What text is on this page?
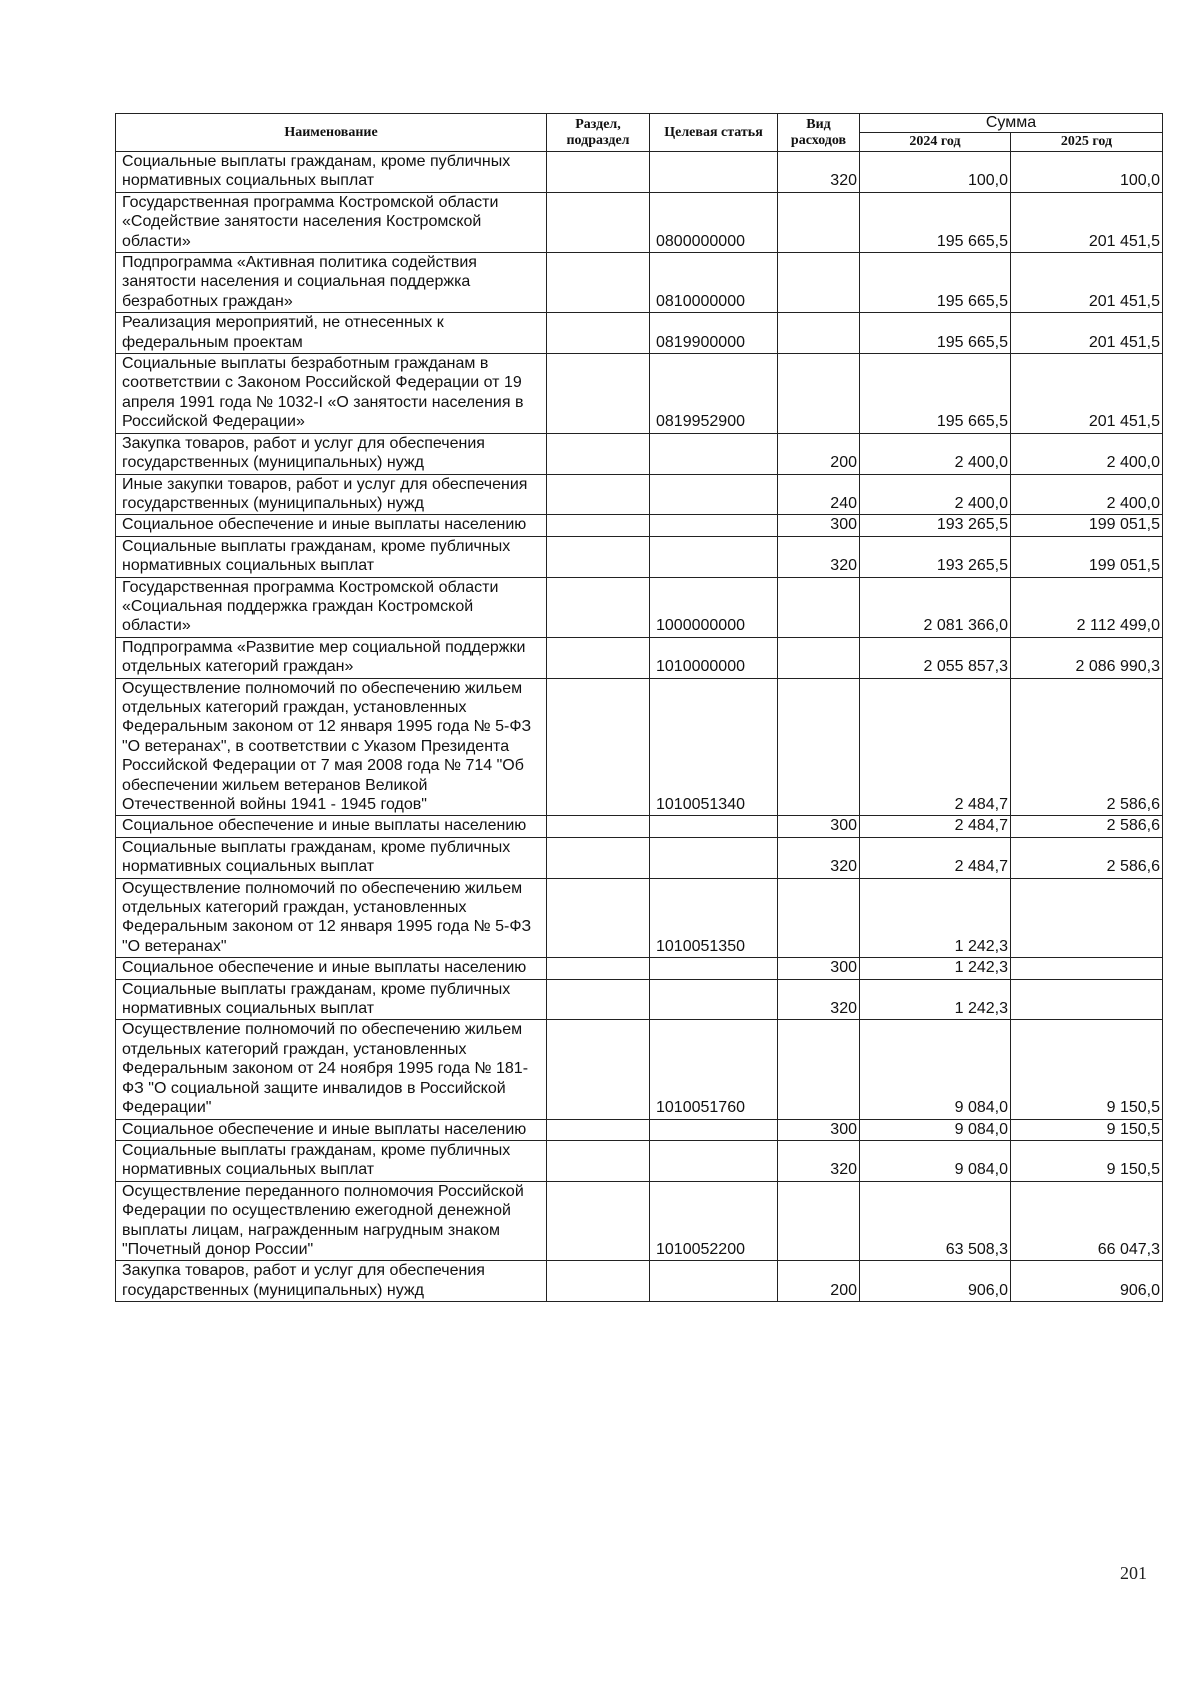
Наименование	Раздел, подраздел	Целевая статья	Вид расходов	Сумма	
				2024 год	2025 год
Социальные выплаты гражданам, кроме публичных нормативных социальных выплат			320	100,0	100,0
Государственная программа Костромской области «Содействие занятости населения Костромской области»		0800000000		195 665,5	201 451,5
Подпрограмма «Активная политика содействия занятости населения и социальная поддержка безработных граждан»		0810000000		195 665,5	201 451,5
Реализация мероприятий, не отнесенных к федеральным проектам		0819900000		195 665,5	201 451,5
Социальные выплаты безработным гражданам в соответствии с Законом Российской Федерации от 19 апреля 1991 года № 1032-I «О занятости населения в Российской Федерации»		0819952900		195 665,5	201 451,5
Закупка товаров, работ и услуг для обеспечения государственных (муниципальных) нужд			200	2 400,0	2 400,0
Иные закупки товаров, работ и услуг для обеспечения государственных (муниципальных) нужд			240	2 400,0	2 400,0
Социальное обеспечение и иные выплаты населению			300	193 265,5	199 051,5
Социальные выплаты гражданам, кроме публичных нормативных социальных выплат			320	193 265,5	199 051,5
Государственная программа Костромской области «Социальная поддержка граждан Костромской области»		1000000000		2 081 366,0	2 112 499,0
Подпрограмма «Развитие мер социальной поддержки отдельных категорий граждан»		1010000000		2 055 857,3	2 086 990,3
Осуществление полномочий по обеспечению жильем отдельных категорий граждан, установленных Федеральным законом от 12 января 1995 года № 5-ФЗ "О ветеранах", в соответствии с Указом Президента Российской Федерации от 7 мая 2008 года № 714 "Об обеспечении жильем ветеранов Великой Отечественной войны 1941 - 1945 годов"		1010051340		2 484,7	2 586,6
Социальное обеспечение и иные выплаты населению			300	2 484,7	2 586,6
Социальные выплаты гражданам, кроме публичных нормативных социальных выплат			320	2 484,7	2 586,6
Осуществление полномочий по обеспечению жильем отдельных категорий граждан, установленных Федеральным законом от 12 января 1995 года № 5-ФЗ "О ветеранах"		1010051350		1 242,3	
Социальное обеспечение и иные выплаты населению			300	1 242,3	
Социальные выплаты гражданам, кроме публичных нормативных социальных выплат			320	1 242,3	
Осуществление полномочий по обеспечению жильем отдельных категорий граждан, установленных Федеральным законом от 24 ноября 1995 года № 181-ФЗ "О социальной защите инвалидов в Российской Федерации"		1010051760		9 084,0	9 150,5
Социальное обеспечение и иные выплаты населению			300	9 084,0	9 150,5
Социальные выплаты гражданам, кроме публичных нормативных социальных выплат			320	9 084,0	9 150,5
Осуществление переданного полномочия Российской Федерации по осуществлению ежегодной денежной выплаты лицам, награжденным нагрудным знаком "Почетный донор России"		1010052200		63 508,3	66 047,3
Закупка товаров, работ и услуг для обеспечения государственных (муниципальных) нужд			200	906,0	906,0
201
